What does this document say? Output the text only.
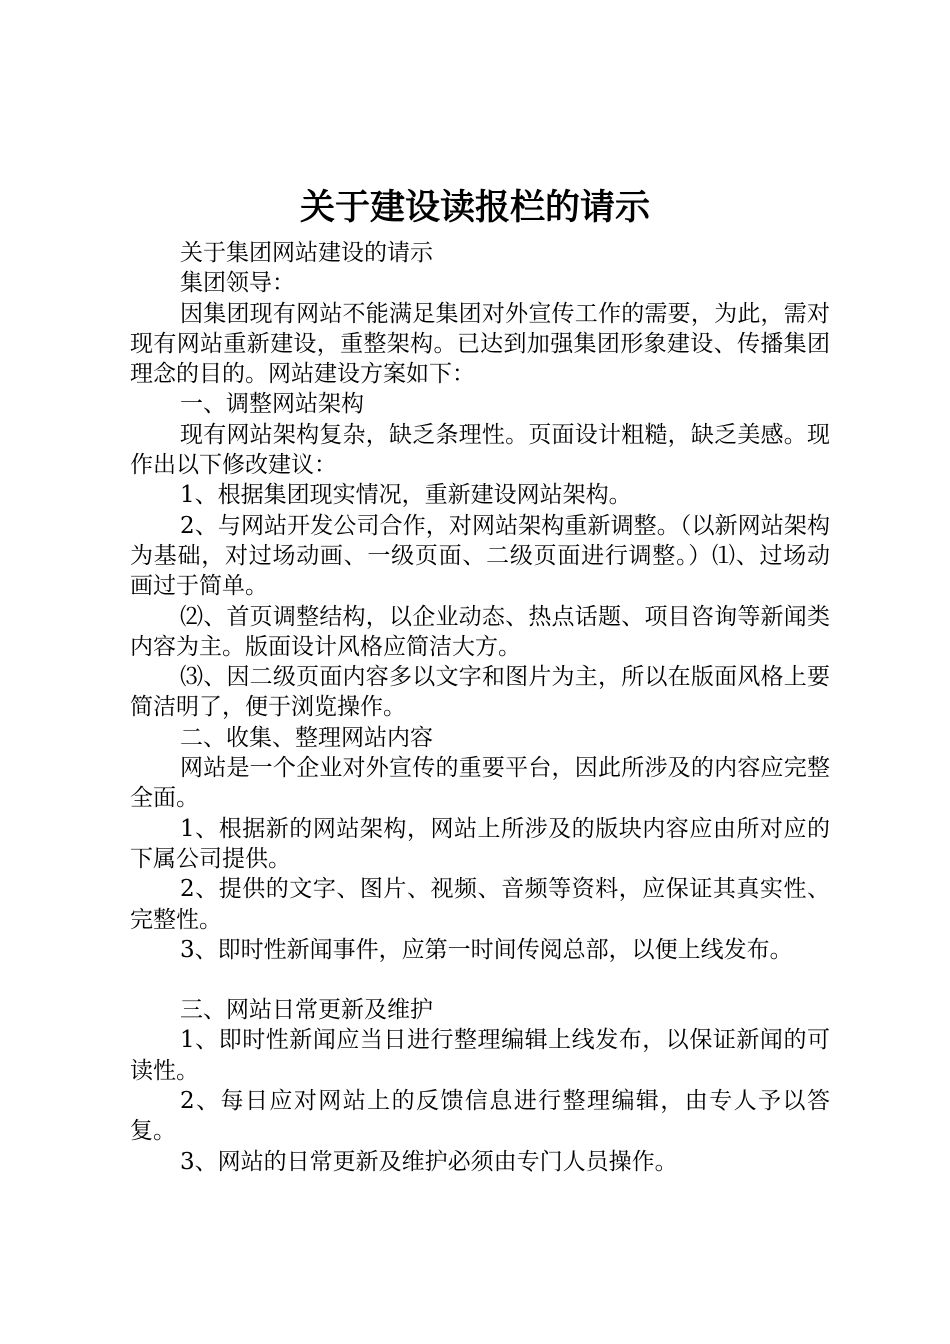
关于建设读报栏的请示

关于集团网站建设的请示

集团领导：

因集团现有网站不能满足集团对外宣传工作的需要，为此，需对现有网站重新建设，重整架构。已达到加强集团形象建设、传播集团理念的目的。网站建设方案如下：

一、调整网站架构

现有网站架构复杂，缺乏条理性。页面设计粗糙，缺乏美感。现作出以下修改建议：

1、根据集团现实情况，重新建设网站架构。

2、与网站开发公司合作，对网站架构重新调整。（以新网站架构为基础，对过场动画、一级页面、二级页面进行调整。）⑴、过场动画过于简单。

⑵、首页调整结构，以企业动态、热点话题、项目咨询等新闻类内容为主。版面设计风格应简洁大方。

⑶、因二级页面内容多以文字和图片为主，所以在版面风格上要简洁明了，便于浏览操作。

二、收集、整理网站内容

网站是一个企业对外宣传的重要平台，因此所涉及的内容应完整全面。

1、根据新的网站架构，网站上所涉及的版块内容应由所对应的下属公司提供。

2、提供的文字、图片、视频、音频等资料，应保证其真实性、完整性。

3、即时性新闻事件，应第一时间传阅总部，以便上线发布。

三、网站日常更新及维护

1、即时性新闻应当日进行整理编辑上线发布，以保证新闻的可读性。

2、每日应对网站上的反馈信息进行整理编辑，由专人予以答复。

3、网站的日常更新及维护必须由专门人员操作。
